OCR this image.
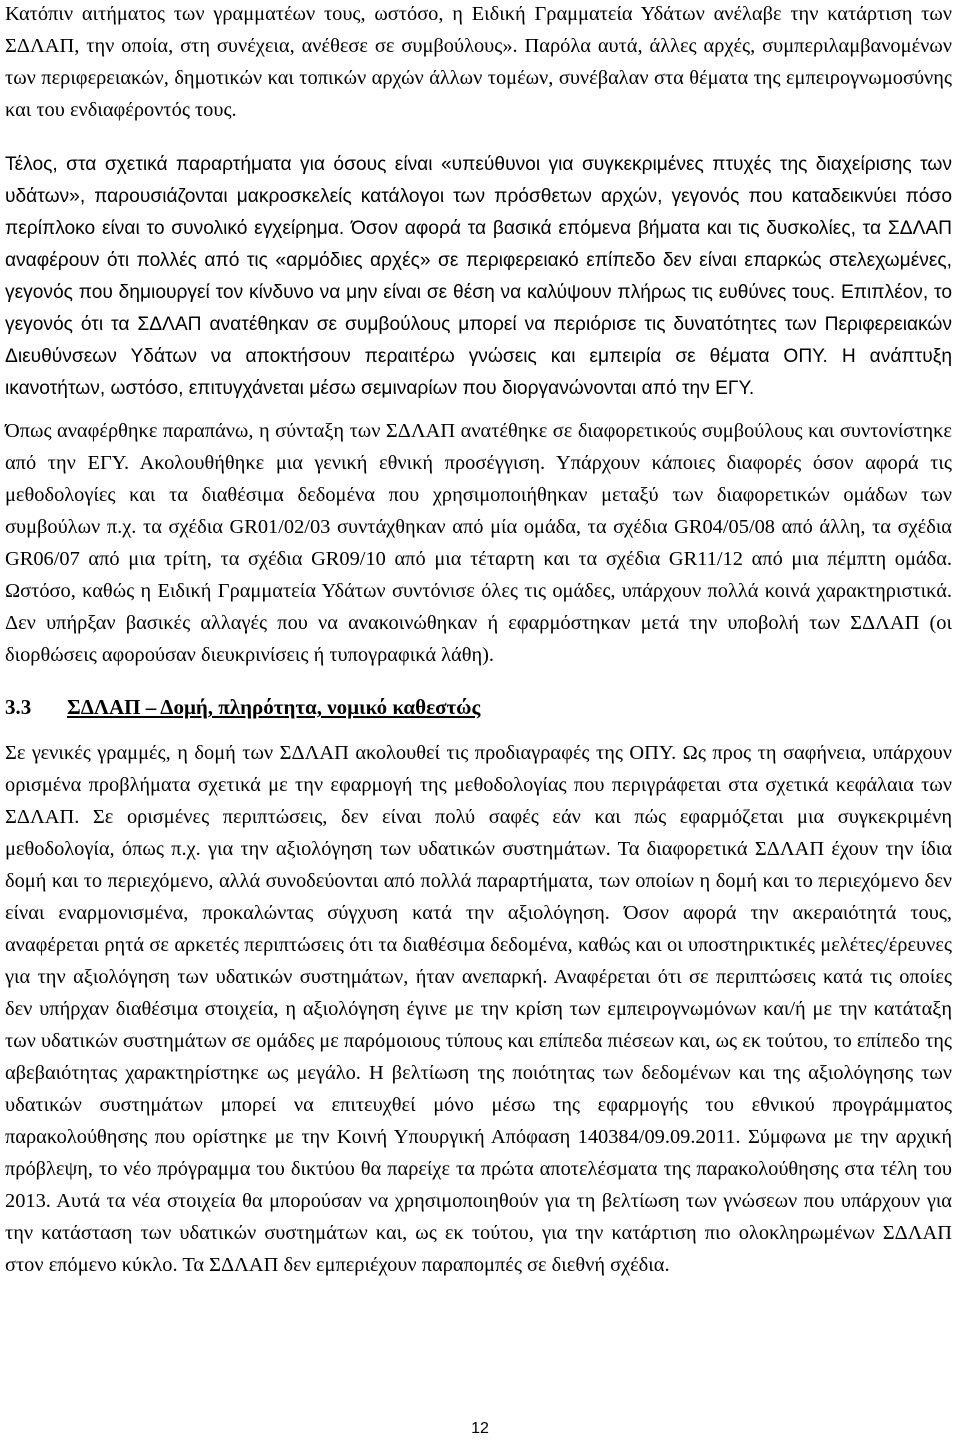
Κατόπιν αιτήματος των γραμματέων τους, ωστόσο, η Ειδική Γραμματεία Υδάτων ανέλαβε την κατάρτιση των ΣΔΛΑΠ, την οποία, στη συνέχεια, ανέθεσε σε συμβούλους». Παρόλα αυτά, άλλες αρχές, συμπεριλαμβανομένων των περιφερειακών, δημοτικών και τοπικών αρχών άλλων τομέων, συνέβαλαν στα θέματα της εμπειρογνωμοσύνης και του ενδιαφέροντός τους.

Τέλος, στα σχετικά παραρτήματα για όσους είναι «υπεύθυνοι για συγκεκριμένες πτυχές της διαχείρισης των υδάτων», παρουσιάζονται μακροσκελείς κατάλογοι των πρόσθετων αρχών, γεγονός που καταδεικνύει πόσο περίπλοκο είναι το συνολικό εγχείρημα. Όσον αφορά τα βασικά επόμενα βήματα και τις δυσκολίες, τα ΣΔΛΑΠ αναφέρουν ότι πολλές από τις «αρμόδιες αρχές» σε περιφερειακό επίπεδο δεν είναι επαρκώς στελεχωμένες, γεγονός που δημιουργεί τον κίνδυνο να μην είναι σε θέση να καλύψουν πλήρως τις ευθύνες τους. Επιπλέον, το γεγονός ότι τα ΣΔΛΑΠ ανατέθηκαν σε συμβούλους μπορεί να περιόρισε τις δυνατότητες των Περιφερειακών Διευθύνσεων Υδάτων να αποκτήσουν περαιτέρω γνώσεις και εμπειρία σε θέματα ΟΠΥ. Η ανάπτυξη ικανοτήτων, ωστόσο, επιτυγχάνεται μέσω σεμιναρίων που διοργανώνονται από την ΕΓΥ.

Όπως αναφέρθηκε παραπάνω, η σύνταξη των ΣΔΛΑΠ ανατέθηκε σε διαφορετικούς συμβούλους και συντονίστηκε από την ΕΓΥ. Ακολουθήθηκε μια γενική εθνική προσέγγιση. Υπάρχουν κάποιες διαφορές όσον αφορά τις μεθοδολογίες και τα διαθέσιμα δεδομένα που χρησιμοποιήθηκαν μεταξύ των διαφορετικών ομάδων των συμβούλων π.χ. τα σχέδια GR01/02/03 συντάχθηκαν από μία ομάδα, τα σχέδια GR04/05/08 από άλλη, τα σχέδια GR06/07 από μια τρίτη, τα σχέδια GR09/10 από μια τέταρτη και τα σχέδια GR11/12 από μια πέμπτη ομάδα. Ωστόσο, καθώς η Ειδική Γραμματεία Υδάτων συντόνισε όλες τις ομάδες, υπάρχουν πολλά κοινά χαρακτηριστικά. Δεν υπήρξαν βασικές αλλαγές που να ανακοινώθηκαν ή εφαρμόστηκαν μετά την υποβολή των ΣΔΛΑΠ (οι διορθώσεις αφορούσαν διευκρινίσεις ή τυπογραφικά λάθη).

3.3	ΣΔΛΑΠ – Δομή, πληρότητα, νομικό καθεστώς

Σε γενικές γραμμές, η δομή των ΣΔΛΑΠ ακολουθεί τις προδιαγραφές της ΟΠΥ. Ως προς τη σαφήνεια, υπάρχουν ορισμένα προβλήματα σχετικά με την εφαρμογή της μεθοδολογίας που περιγράφεται στα σχετικά κεφάλαια των ΣΔΛΑΠ. Σε ορισμένες περιπτώσεις, δεν είναι πολύ σαφές εάν και πώς εφαρμόζεται μια συγκεκριμένη μεθοδολογία, όπως π.χ. για την αξιολόγηση των υδατικών συστημάτων. Τα διαφορετικά ΣΔΛΑΠ έχουν την ίδια δομή και το περιεχόμενο, αλλά συνοδεύονται από πολλά παραρτήματα, των οποίων η δομή και το περιεχόμενο δεν είναι εναρμονισμένα, προκαλώντας σύγχυση κατά την αξιολόγηση. Όσον αφορά την ακεραιότητά τους, αναφέρεται ρητά σε αρκετές περιπτώσεις ότι τα διαθέσιμα δεδομένα, καθώς και οι υποστηρικτικές μελέτες/έρευνες για την αξιολόγηση των υδατικών συστημάτων, ήταν ανεπαρκή. Αναφέρεται ότι σε περιπτώσεις κατά τις οποίες δεν υπήρχαν διαθέσιμα στοιχεία, η αξιολόγηση έγινε με την κρίση των εμπειρογνωμόνων και/ή με την κατάταξη των υδατικών συστημάτων σε ομάδες με παρόμοιους τύπους και επίπεδα πιέσεων και, ως εκ τούτου, το επίπεδο της αβεβαιότητας χαρακτηρίστηκε ως μεγάλο. Η βελτίωση της ποιότητας των δεδομένων και της αξιολόγησης των υδατικών συστημάτων μπορεί να επιτευχθεί μόνο μέσω της εφαρμογής του εθνικού προγράμματος παρακολούθησης που ορίστηκε με την Κοινή Υπουργική Απόφαση 140384/09.09.2011. Σύμφωνα με την αρχική πρόβλεψη, το νέο πρόγραμμα του δικτύου θα παρείχε τα πρώτα αποτελέσματα της παρακολούθησης στα τέλη του 2013. Αυτά τα νέα στοιχεία θα μπορούσαν να χρησιμοποιηθούν για τη βελτίωση των γνώσεων που υπάρχουν για την κατάσταση των υδατικών συστημάτων και, ως εκ τούτου, για την κατάρτιση πιο ολοκληρωμένων ΣΔΛΑΠ στον επόμενο κύκλο. Τα ΣΔΛΑΠ δεν εμπεριέχουν παραπομπές σε διεθνή σχέδια.

12
